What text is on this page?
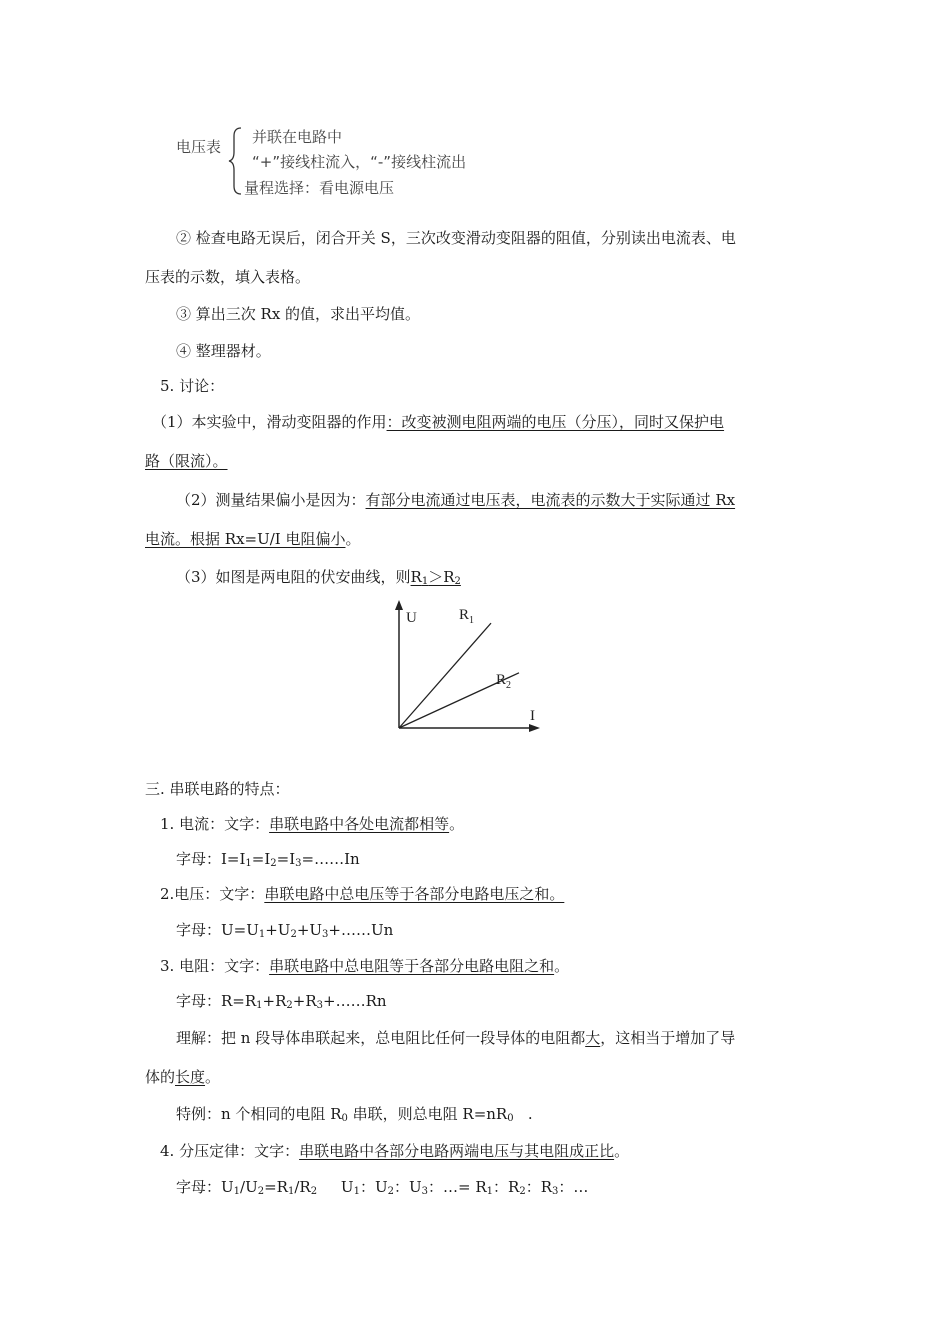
电压表
并联在电路中
“+”接线柱流入，“-”接线柱流出
量程选择：看电源电压
② 检查电路无误后，闭合开关 S，三次改变滑动变阻器的阻值，分别读出电流表、电
压表的示数，填入表格。
③ 算出三次 Rx 的值，求出平均值。
④ 整理器材。
5. 讨论：
（1）本实验中，滑动变阻器的作用：改变被测电阻两端的电压（分压），同时又保护电
路（限流）。
（2）测量结果偏小是因为：有部分电流通过电压表，电流表的示数大于实际通过 Rx
电流。根据 Rx=U/I 电阻偏小。
（3）如图是两电阻的伏安曲线，则$R_1>R_2$
U
I
$R_1$
$R_2$
三. 串联电路的特点：
1. 电流：文字：串联电路中各处电流都相等。
字母：$I=I_1=I_2=I_3=\dots\dots In$
2.电压：文字：串联电路中总电压等于各部分电路电压之和。
字母：$U=U_1+U_2+U_3+\dots\dots Un$
3. 电阻：文字：串联电路中总电阻等于各部分电路电阻之和。
字母：$R=R_1+R_2+R_3+\dots\dots Rn$
理解：把 n 段导体串联起来，总电阻比任何一段导体的电阻都大，这相当于增加了导
体的长度。
特例：n 个相同的电阻 $R_0$ 串联，则总电阻 $R=nR_0$   .
4. 分压定律：文字：串联电路中各部分电路两端电压与其电阻成正比。
字母：$U_1/U_2=R_1/R_2$     $U_1$：$U_2$：$U_3$：…= $R_1$：$R_2$：$R_3$：…
